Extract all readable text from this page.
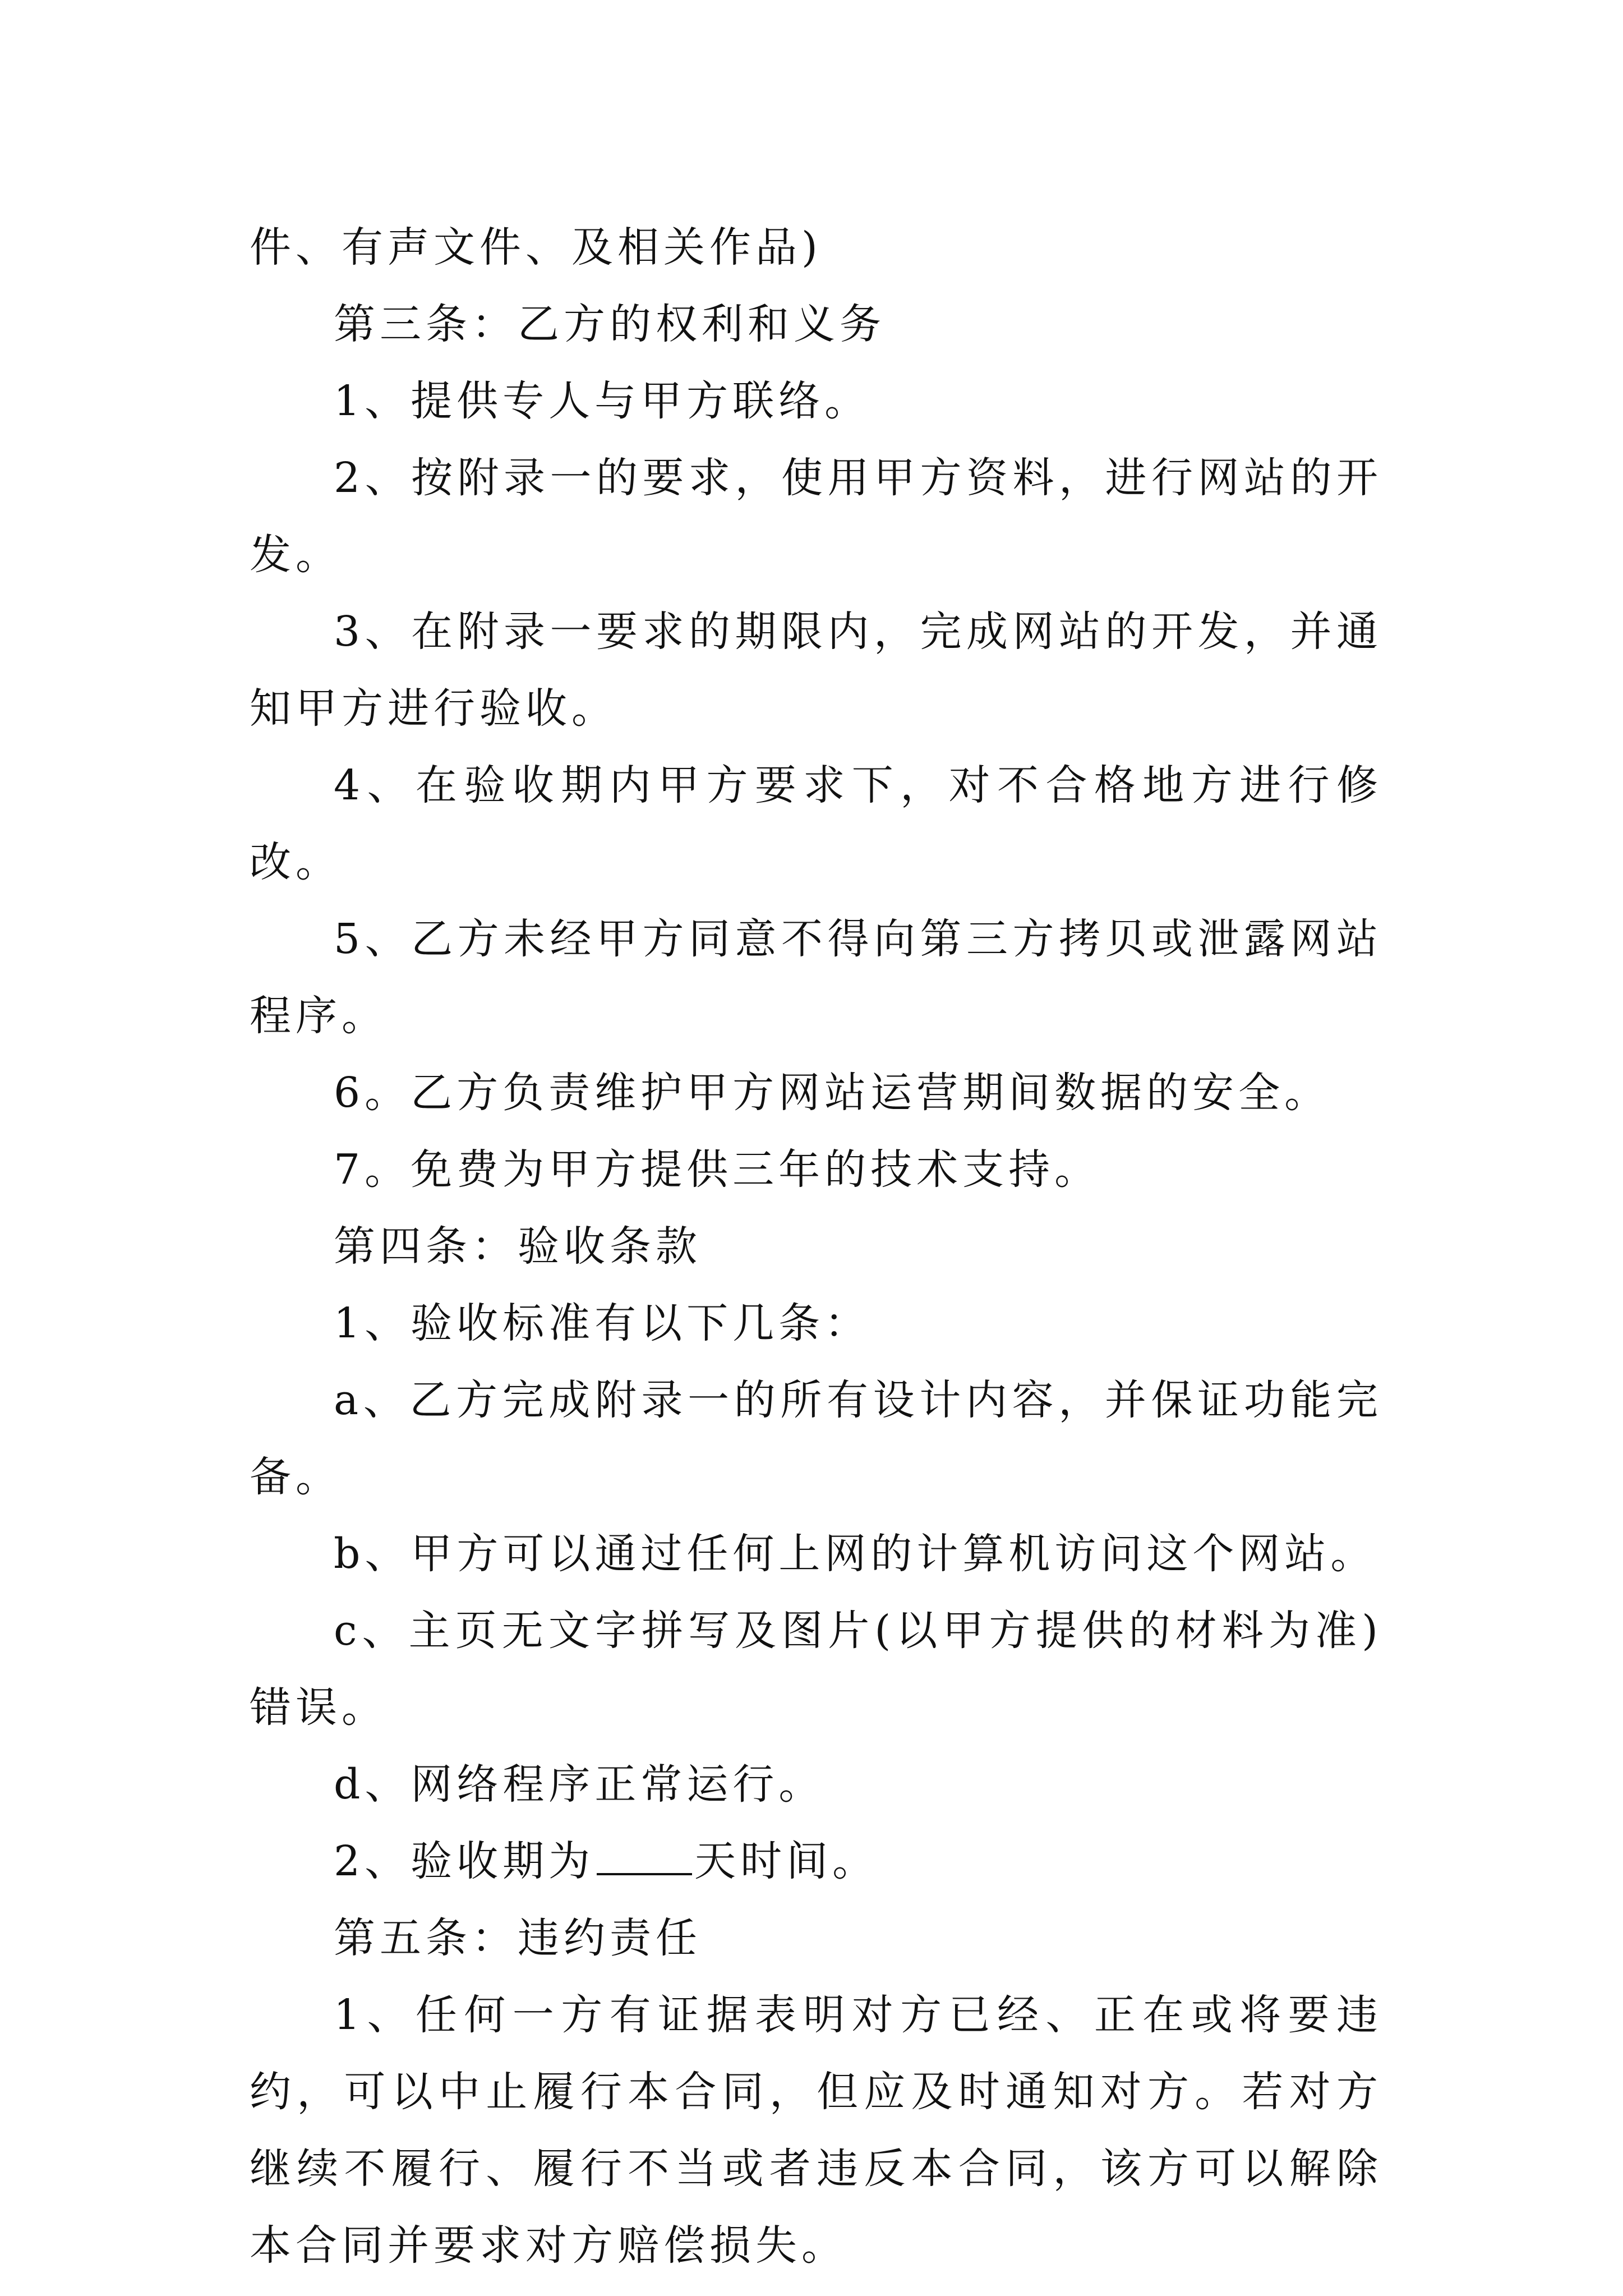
件、有声文件、及相关作品)

第三条：乙方的权利和义务

1、提供专人与甲方联络。

2、按附录一的要求，使用甲方资料，进行网站的开发。

3、在附录一要求的期限内，完成网站的开发，并通知甲方进行验收。

4、在验收期内甲方要求下，对不合格地方进行修改。

5、乙方未经甲方同意不得向第三方拷贝或泄露网站程序。

6。乙方负责维护甲方网站运营期间数据的安全。

7。免费为甲方提供三年的技术支持。

第四条：验收条款

1、验收标准有以下几条：

a、乙方完成附录一的所有设计内容，并保证功能完备。

b、甲方可以通过任何上网的计算机访问这个网站。

c、主页无文字拼写及图片(以甲方提供的材料为准)错误。

d、网络程序正常运行。

2、验收期为 天时间。

第五条：违约责任

1、任何一方有证据表明对方已经、正在或将要违约，可以中止履行本合同，但应及时通知对方。若对方继续不履行、履行不当或者违反本合同，该方可以解除本合同并要求对方赔偿损失。
